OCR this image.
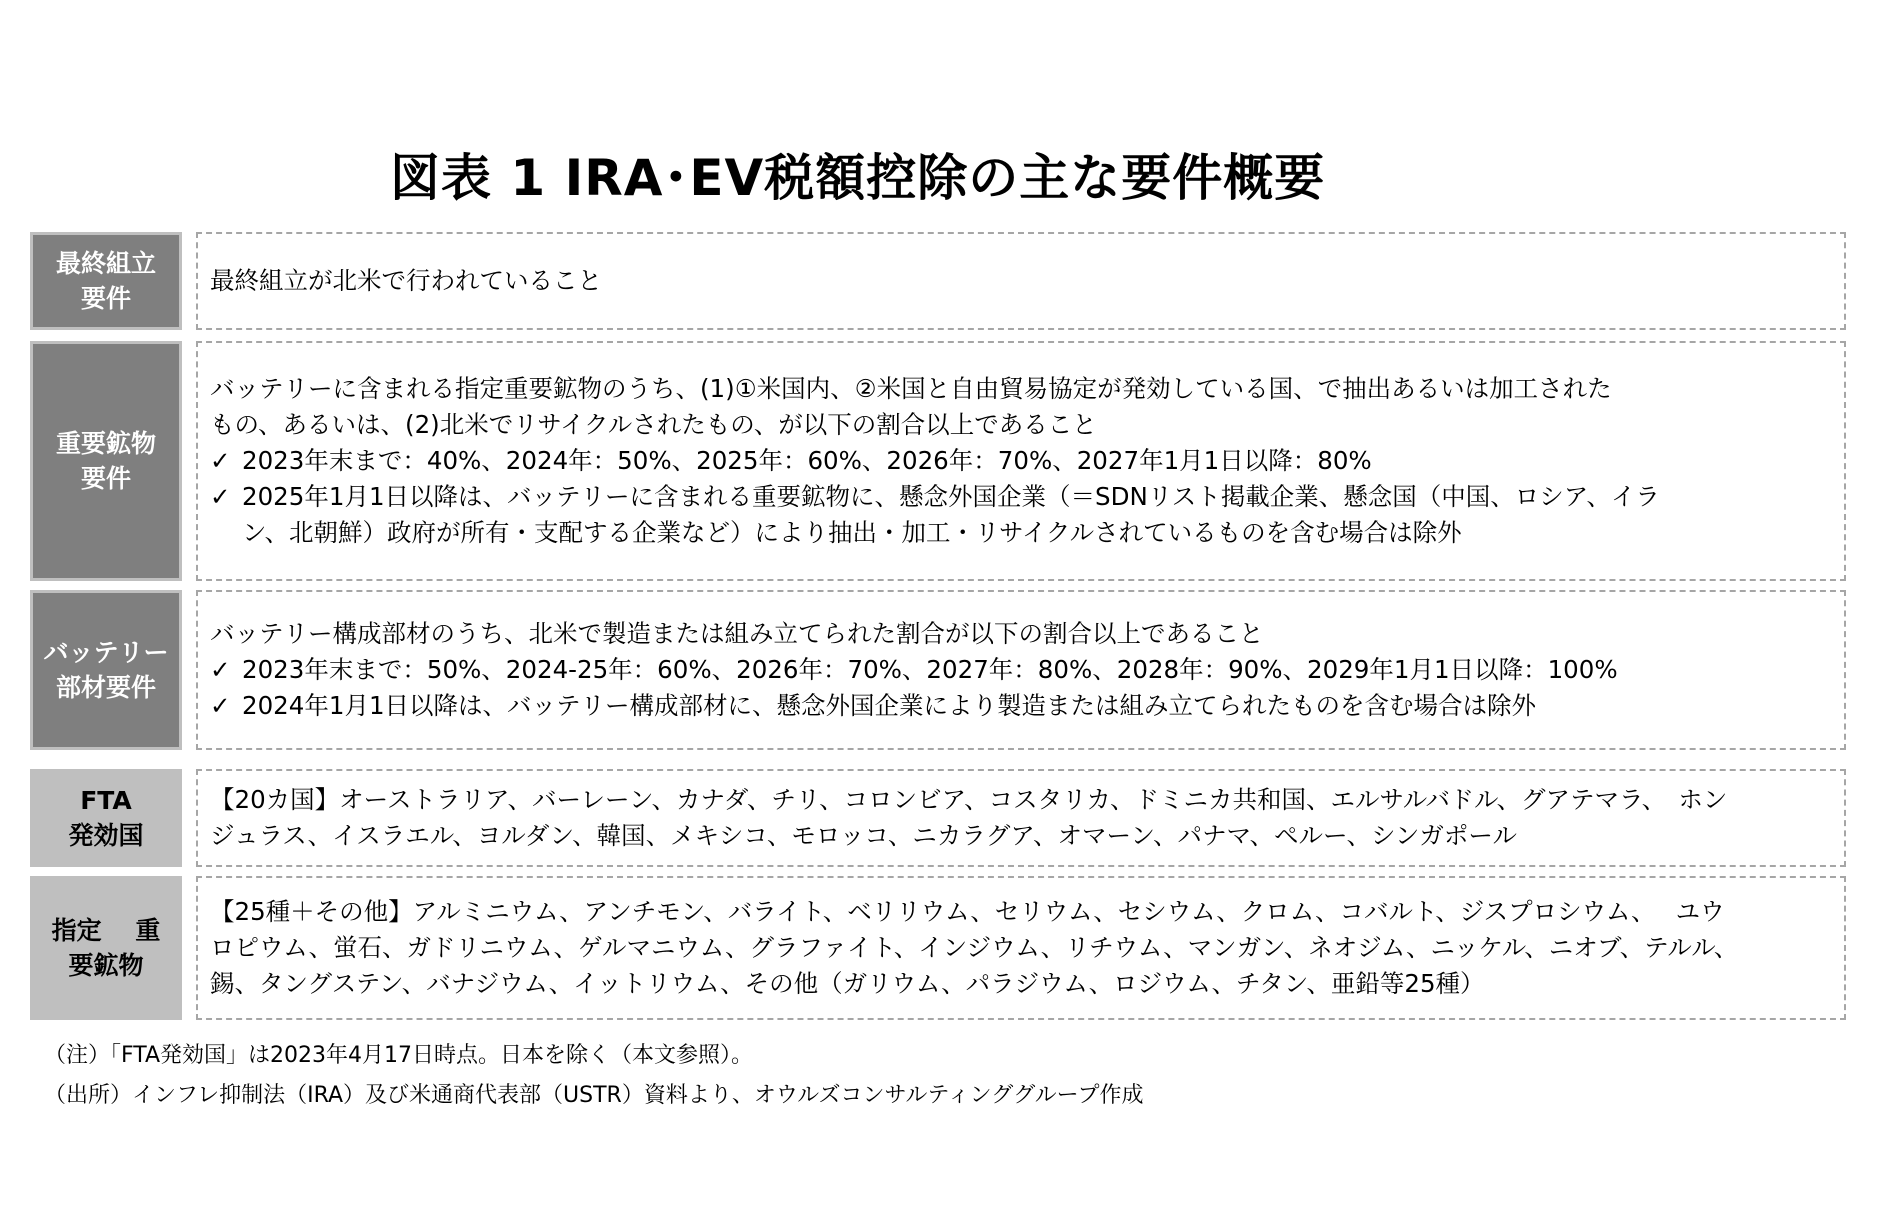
図表 1 IRA･EV税額控除の主な要件概要
最終組立
要件

最終組立が北米で行われていること

重要鉱物
要件

バッテリーに含まれる指定重要鉱物のうち、(1)①米国内、②米国と自由貿易協定が発効している国、で抽出あるいは加工された

もの、あるいは、(2)北米でリサイクルされたもの、が以下の割合以上であること

✓ 2023年末まで：40%、2024年：50%、2025年：60%、2026年：70%、2027年1月1日以降：80%
✓ 2025年1月1日以降は、バッテリーに含まれる重要鉱物に、懸念外国企業（＝SDNリスト掲載企業、懸念国（中国、ロシア、イラ
ン、北朝鮮）政府が所有・支配する企業など）により抽出・加工・リサイクルされているものを含む場合は除外
バッテリー
部材要件

バッテリー構成部材のうち、北米で製造または組み立てられた割合が以下の割合以上であること

✓ 2023年末まで：50%、2024-25年：60%、2026年：70%、2027年：80%、2028年：90%、2029年1月1日以降：100%
✓ 2024年1月1日以降は、バッテリー構成部材に、懸念外国企業により製造または組み立てられたものを含む場合は除外
FTA
発効国

【20カ国】オーストラリア、バーレーン、カナダ、チリ、コロンビア、コスタリカ、ドミニカ共和国、エルサルバドル、グアテマラ、　ホン

ジュラス、イスラエル、ヨルダン、韓国、メキシコ、モロッコ、ニカラグア、オマーン、パナマ、ペルー、シンガポール

指定　 重
要鉱物

【25種＋その他】アルミニウム、アンチモン、バライト、ベリリウム、セリウム、セシウム、クロム、コバルト、ジスプロシウム、　 ユウ

ロピウム、蛍石、ガドリニウム、ゲルマニウム、グラファイト、インジウム、リチウム、マンガン、ネオジム、ニッケル、ニオブ、テルル、

錫、タングステン、バナジウム、イットリウム、その他（ガリウム、パラジウム、ロジウム、チタン、亜鉛等25種）

（注）「FTA発効国」は2023年4月17日時点。日本を除く（本文参照）。
（出所）インフレ抑制法（IRA）及び米通商代表部（USTR）資料より、オウルズコンサルティンググループ作成
